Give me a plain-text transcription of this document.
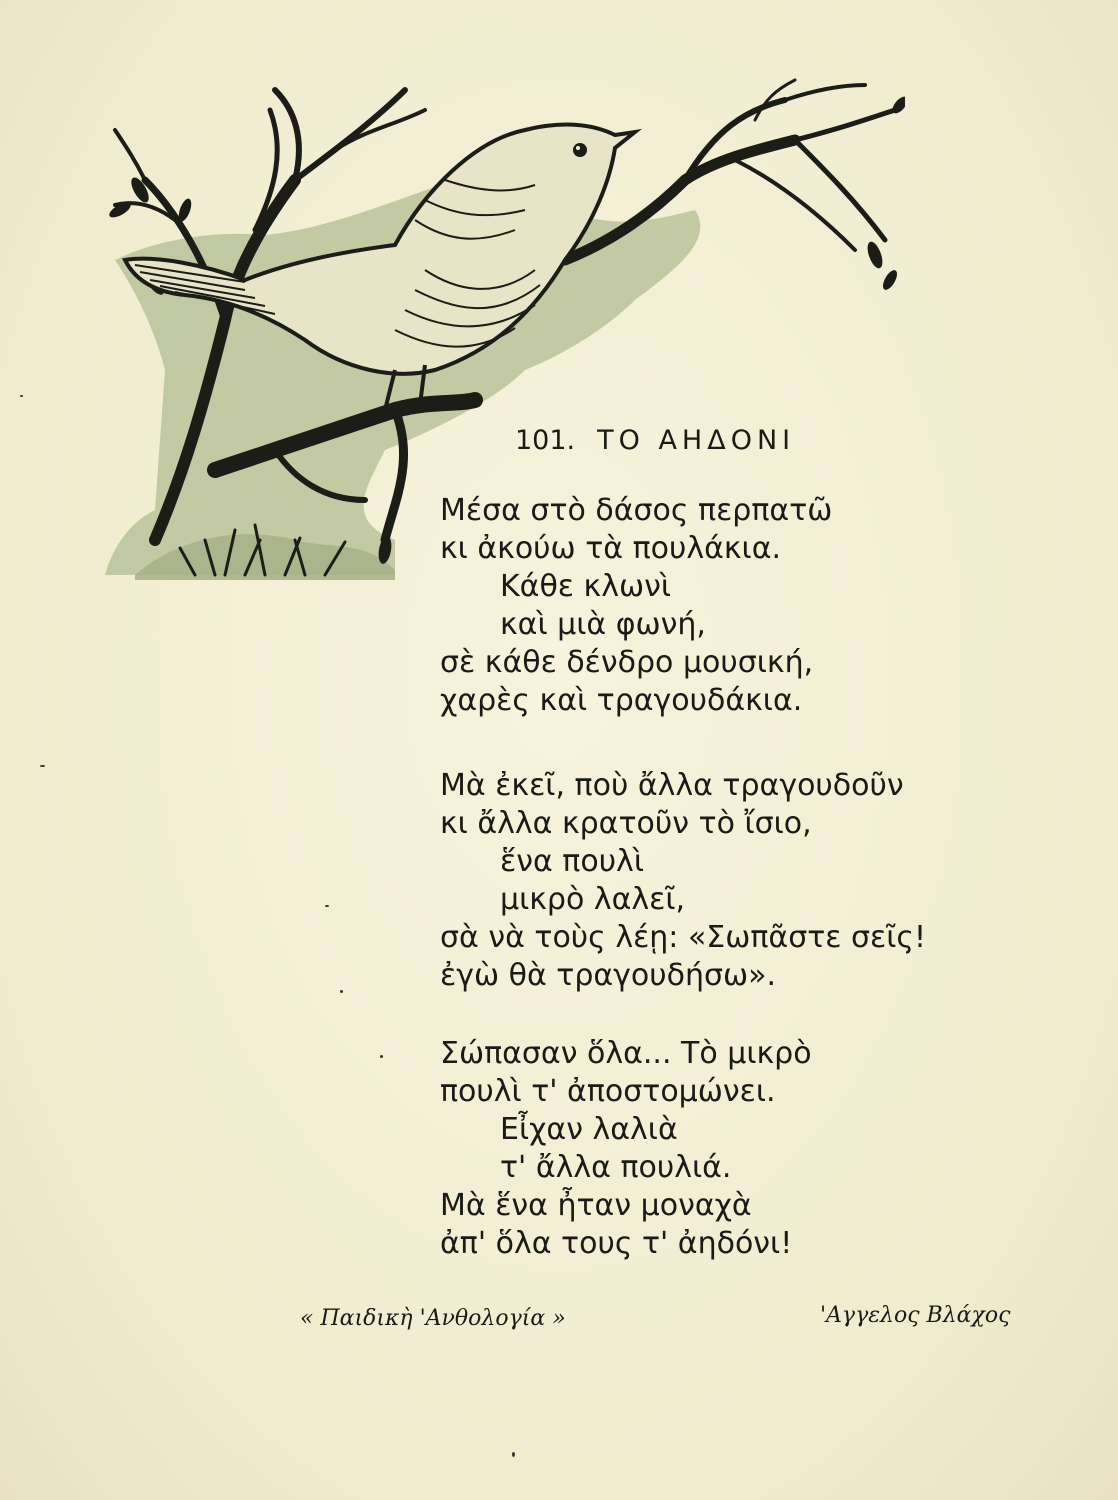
101. ΤΟ ΑΗΔΟΝΙ
Μέσα στὸ δάσος περπατῶ
κι ἀκούω τὰ πουλάκια.
Κάθε κλωνὶ
καὶ μιὰ φωνή,
σὲ κάθε δένδρο μουσική,
χαρὲς καὶ τραγουδάκια.
Μὰ ἐκεῖ, ποὺ ἄλλα τραγουδοῦν
κι ἄλλα κρατοῦν τὸ ἴσιο,
ἕνα πουλὶ
μικρὸ λαλεῖ,
σὰ νὰ τοὺς λέῃ: «Σωπᾶστε σεῖς!
ἐγὼ θὰ τραγουδήσω».
Σώπασαν ὅλα... Τὸ μικρὸ
πουλὶ τ' ἀποστομώνει.
Εἶχαν λαλιὰ
τ' ἄλλα πουλιά.
Μὰ ἕνα ἦταν μοναχὰ
ἀπ' ὅλα τους τ' ἀηδόνι!
« Παιδικὴ 'Ανθολογία »	'Αγγελος Βλάχος
